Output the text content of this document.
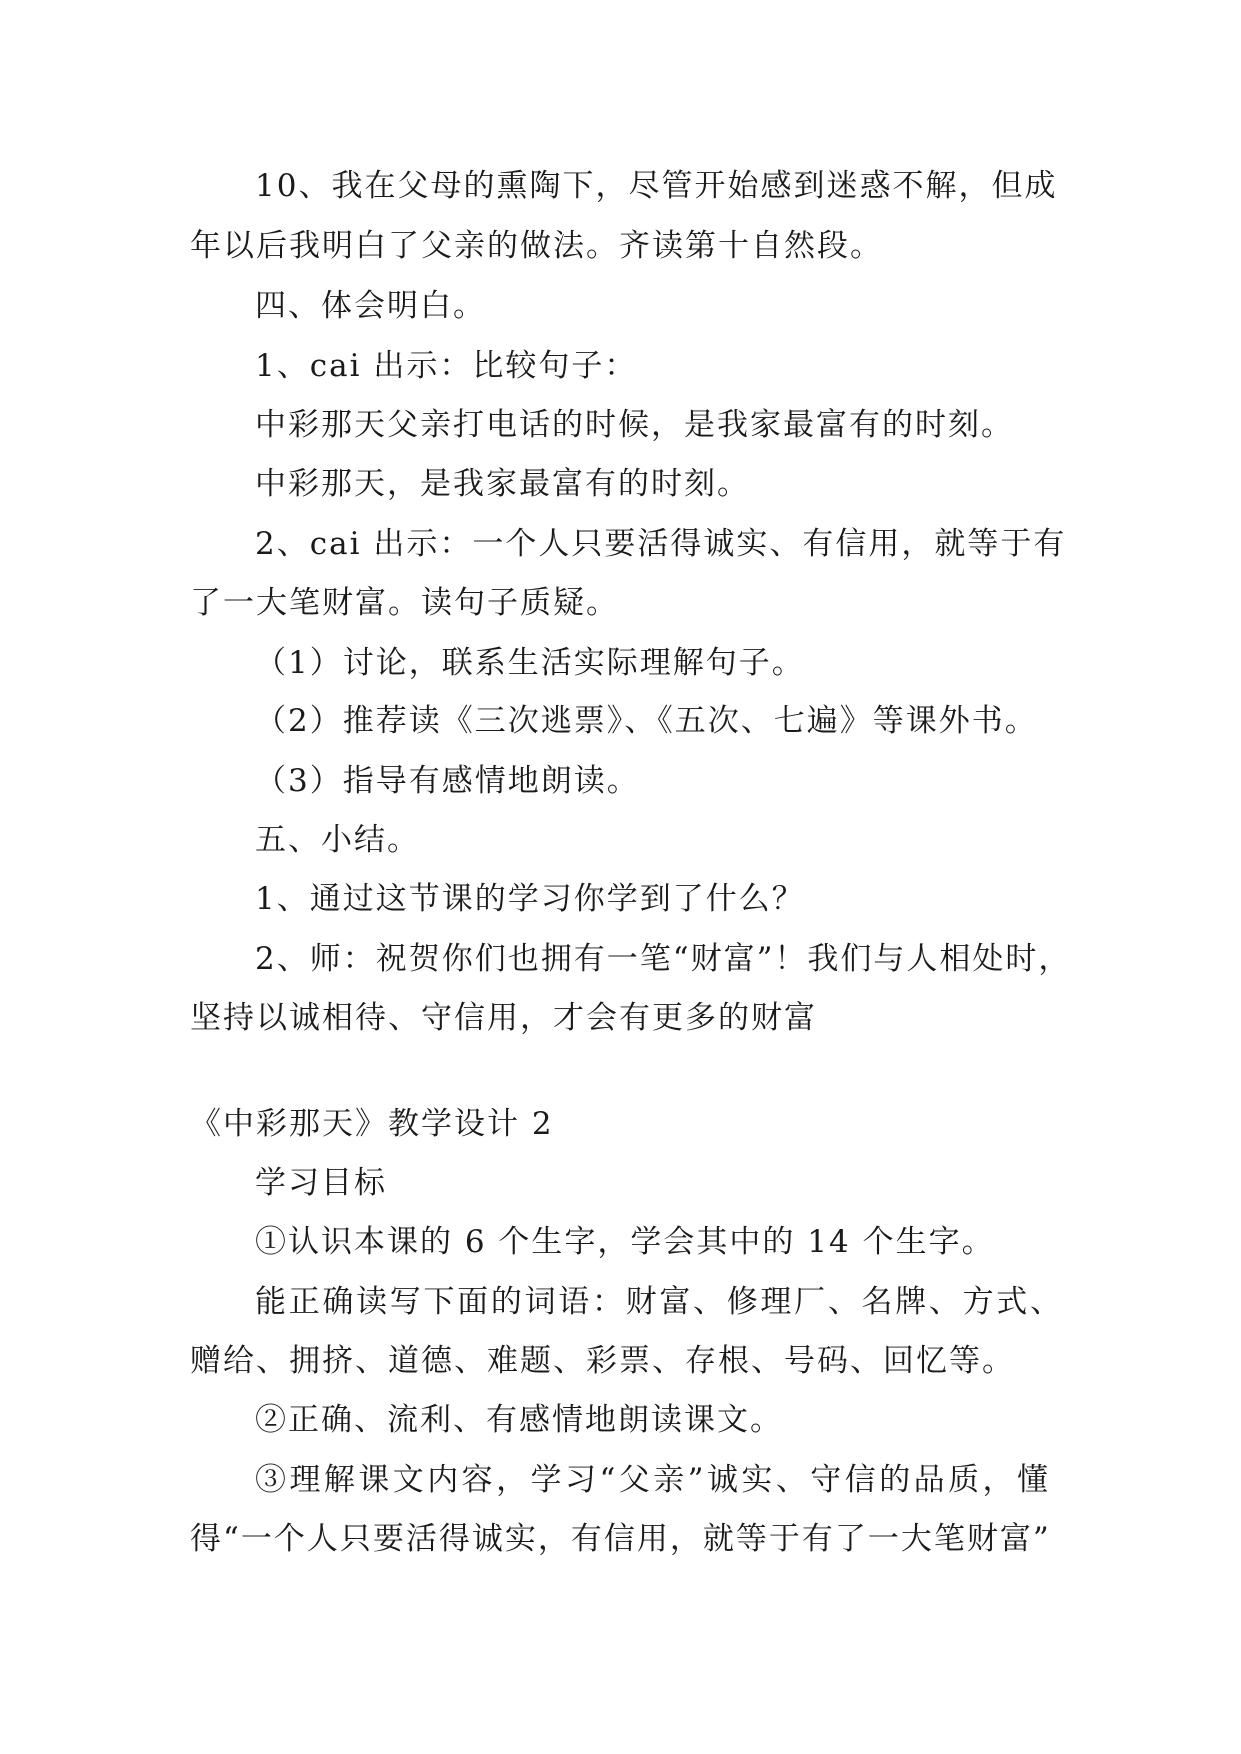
10、我在父母的熏陶下，尽管开始感到迷惑不解，但成
年以后我明白了父亲的做法。齐读第十自然段。
四、体会明白。
1、cai 出示：比较句子：
中彩那天父亲打电话的时候，是我家最富有的时刻。
中彩那天，是我家最富有的时刻。
2、cai 出示：一个人只要活得诚实、有信用，就等于有
了一大笔财富。读句子质疑。
（1）讨论，联系生活实际理解句子。
（2）推荐读《三次逃票》、《五次、七遍》等课外书。
（3）指导有感情地朗读。
五、小结。
1、通过这节课的学习你学到了什么？
2、师：祝贺你们也拥有一笔“财富”！我们与人相处时，
坚持以诚相待、守信用，才会有更多的财富
《中彩那天》教学设计 2
学习目标
①认识本课的 6 个生字，学会其中的 14 个生字。
能正确读写下面的词语：财富、修理厂、名牌、方式、
赠给、拥挤、道德、难题、彩票、存根、号码、回忆等。
②正确、流利、有感情地朗读课文。
③理解课文内容，学习“父亲”诚实、守信的品质，懂
得“一个人只要活得诚实，有信用，就等于有了一大笔财富”
